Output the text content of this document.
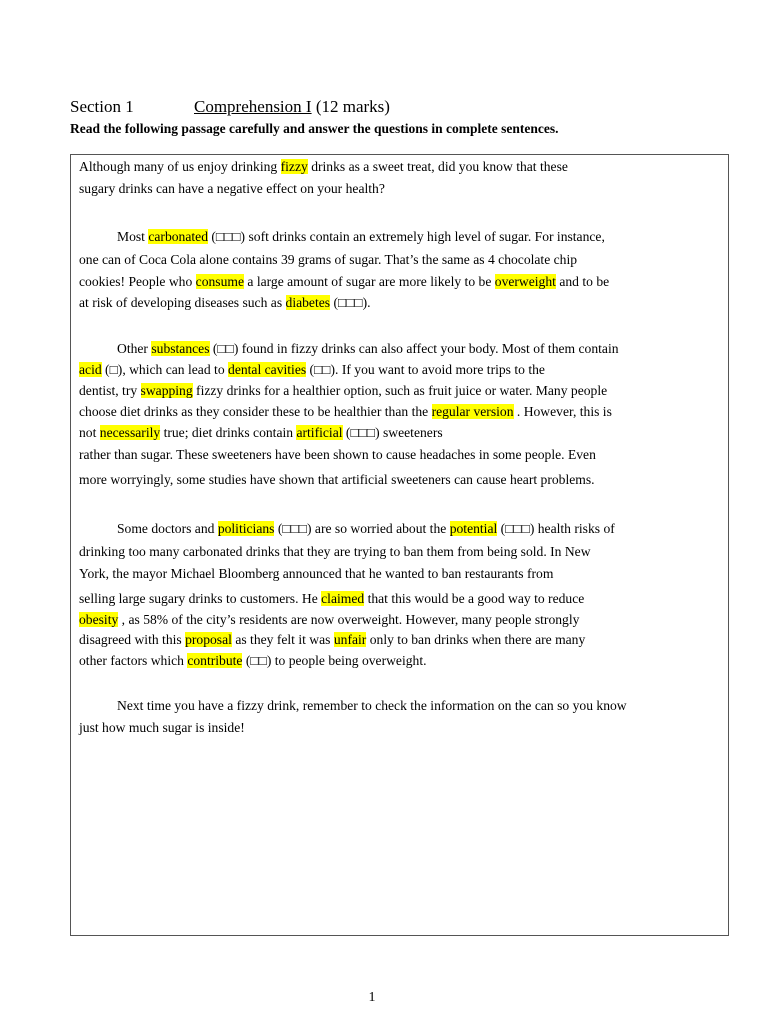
Section 1	Comprehension I (12 marks)
Read the following passage carefully and answer the questions in complete sentences.
Although many of us enjoy drinking fizzy drinks as a sweet treat, did you know that these
sugary drinks can have a negative effect on your health?
Most carbonated (□□□) soft drinks contain an extremely high level of sugar. For instance,
one can of Coca Cola alone contains 39 grams of sugar. That’s the same as 4 chocolate chip
cookies! People who consume a large amount of sugar are more likely to be overweight and to be
at risk of developing diseases such as diabetes (□□□).
Other substances (□□) found in fizzy drinks can also affect your body. Most of them contain
acid (□), which can lead to dental cavities (□□). If you want to avoid more trips to the
dentist, try swapping fizzy drinks for a healthier option, such as fruit juice or water. Many people
choose diet drinks as they consider these to be healthier than the regular version . However, this is
not necessarily true; diet drinks contain artificial (□□□) sweeteners
rather than sugar. These sweeteners have been shown to cause headaches in some people. Even
more worryingly, some studies have shown that artificial sweeteners can cause heart problems.
Some doctors and politicians (□□□) are so worried about the potential (□□□) health risks of
drinking too many carbonated drinks that they are trying to ban them from being sold. In New
York, the mayor Michael Bloomberg announced that he wanted to ban restaurants from
selling large sugary drinks to customers. He claimed that this would be a good way to reduce
obesity , as 58% of the city’s residents are now overweight. However, many people strongly
disagreed with this proposal as they felt it was unfair only to ban drinks when there are many
other factors which contribute (□□) to people being overweight.
Next time you have a fizzy drink, remember to check the information on the can so you know
just how much sugar is inside!
1
